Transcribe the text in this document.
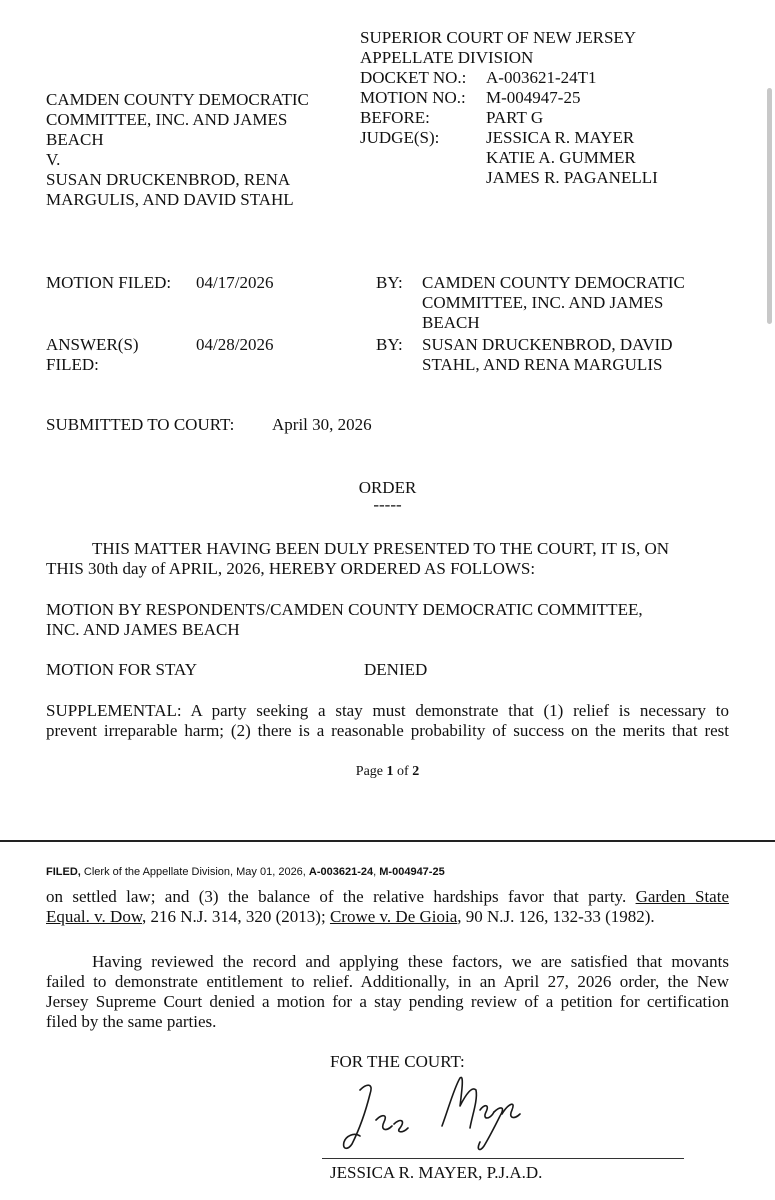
SUPERIOR COURT OF NEW JERSEY
APPELLATE DIVISION
DOCKET NO.: A-003621-24T1
MOTION NO.: M-004947-25
BEFORE:	PART G
JUDGE(S):	JESSICA R. MAYER
KATIE A. GUMMER
JAMES R. PAGANELLI
CAMDEN COUNTY DEMOCRATIC
COMMITTEE, INC. AND JAMES
BEACH
V.
SUSAN DRUCKENBROD, RENA
MARGULIS, AND DAVID STAHL
MOTION FILED: 04/17/2026	BY: CAMDEN COUNTY DEMOCRATIC
COMMITTEE, INC. AND JAMES
BEACH
ANSWER(S)
FILED:
04/28/2026	BY: SUSAN DRUCKENBROD, DAVID
STAHL, AND RENA MARGULIS
SUBMITTED TO COURT: April 30, 2026
ORDER
-----
THIS MATTER HAVING BEEN DULY PRESENTED TO THE COURT, IT IS, ON
THIS 30th day of APRIL, 2026, HEREBY ORDERED AS FOLLOWS:
MOTION BY RESPONDENTS/CAMDEN COUNTY DEMOCRATIC COMMITTEE,
INC. AND JAMES BEACH
MOTION FOR STAY	DENIED
SUPPLEMENTAL: A party seeking a stay must demonstrate that (1) relief is necessary to
prevent irreparable harm; (2) there is a reasonable probability of success on the merits that rest
Page 1 of 2
FILED, Clerk of the Appellate Division, May 01, 2026, A-003621-24, M-004947-25
on settled law; and (3) the balance of the relative hardships favor that party. Garden State
Equal. v. Dow, 216 N.J. 314, 320 (2013); Crowe v. De Gioia, 90 N.J. 126, 132-33 (1982).
Having reviewed the record and applying these factors, we are satisfied that movants
failed to demonstrate entitlement to relief. Additionally, in an April 27, 2026 order, the New
Jersey Supreme Court denied a motion for a stay pending review of a petition for certification
filed by the same parties.
FOR THE COURT:
JESSICA R. MAYER, P.J.A.D.
